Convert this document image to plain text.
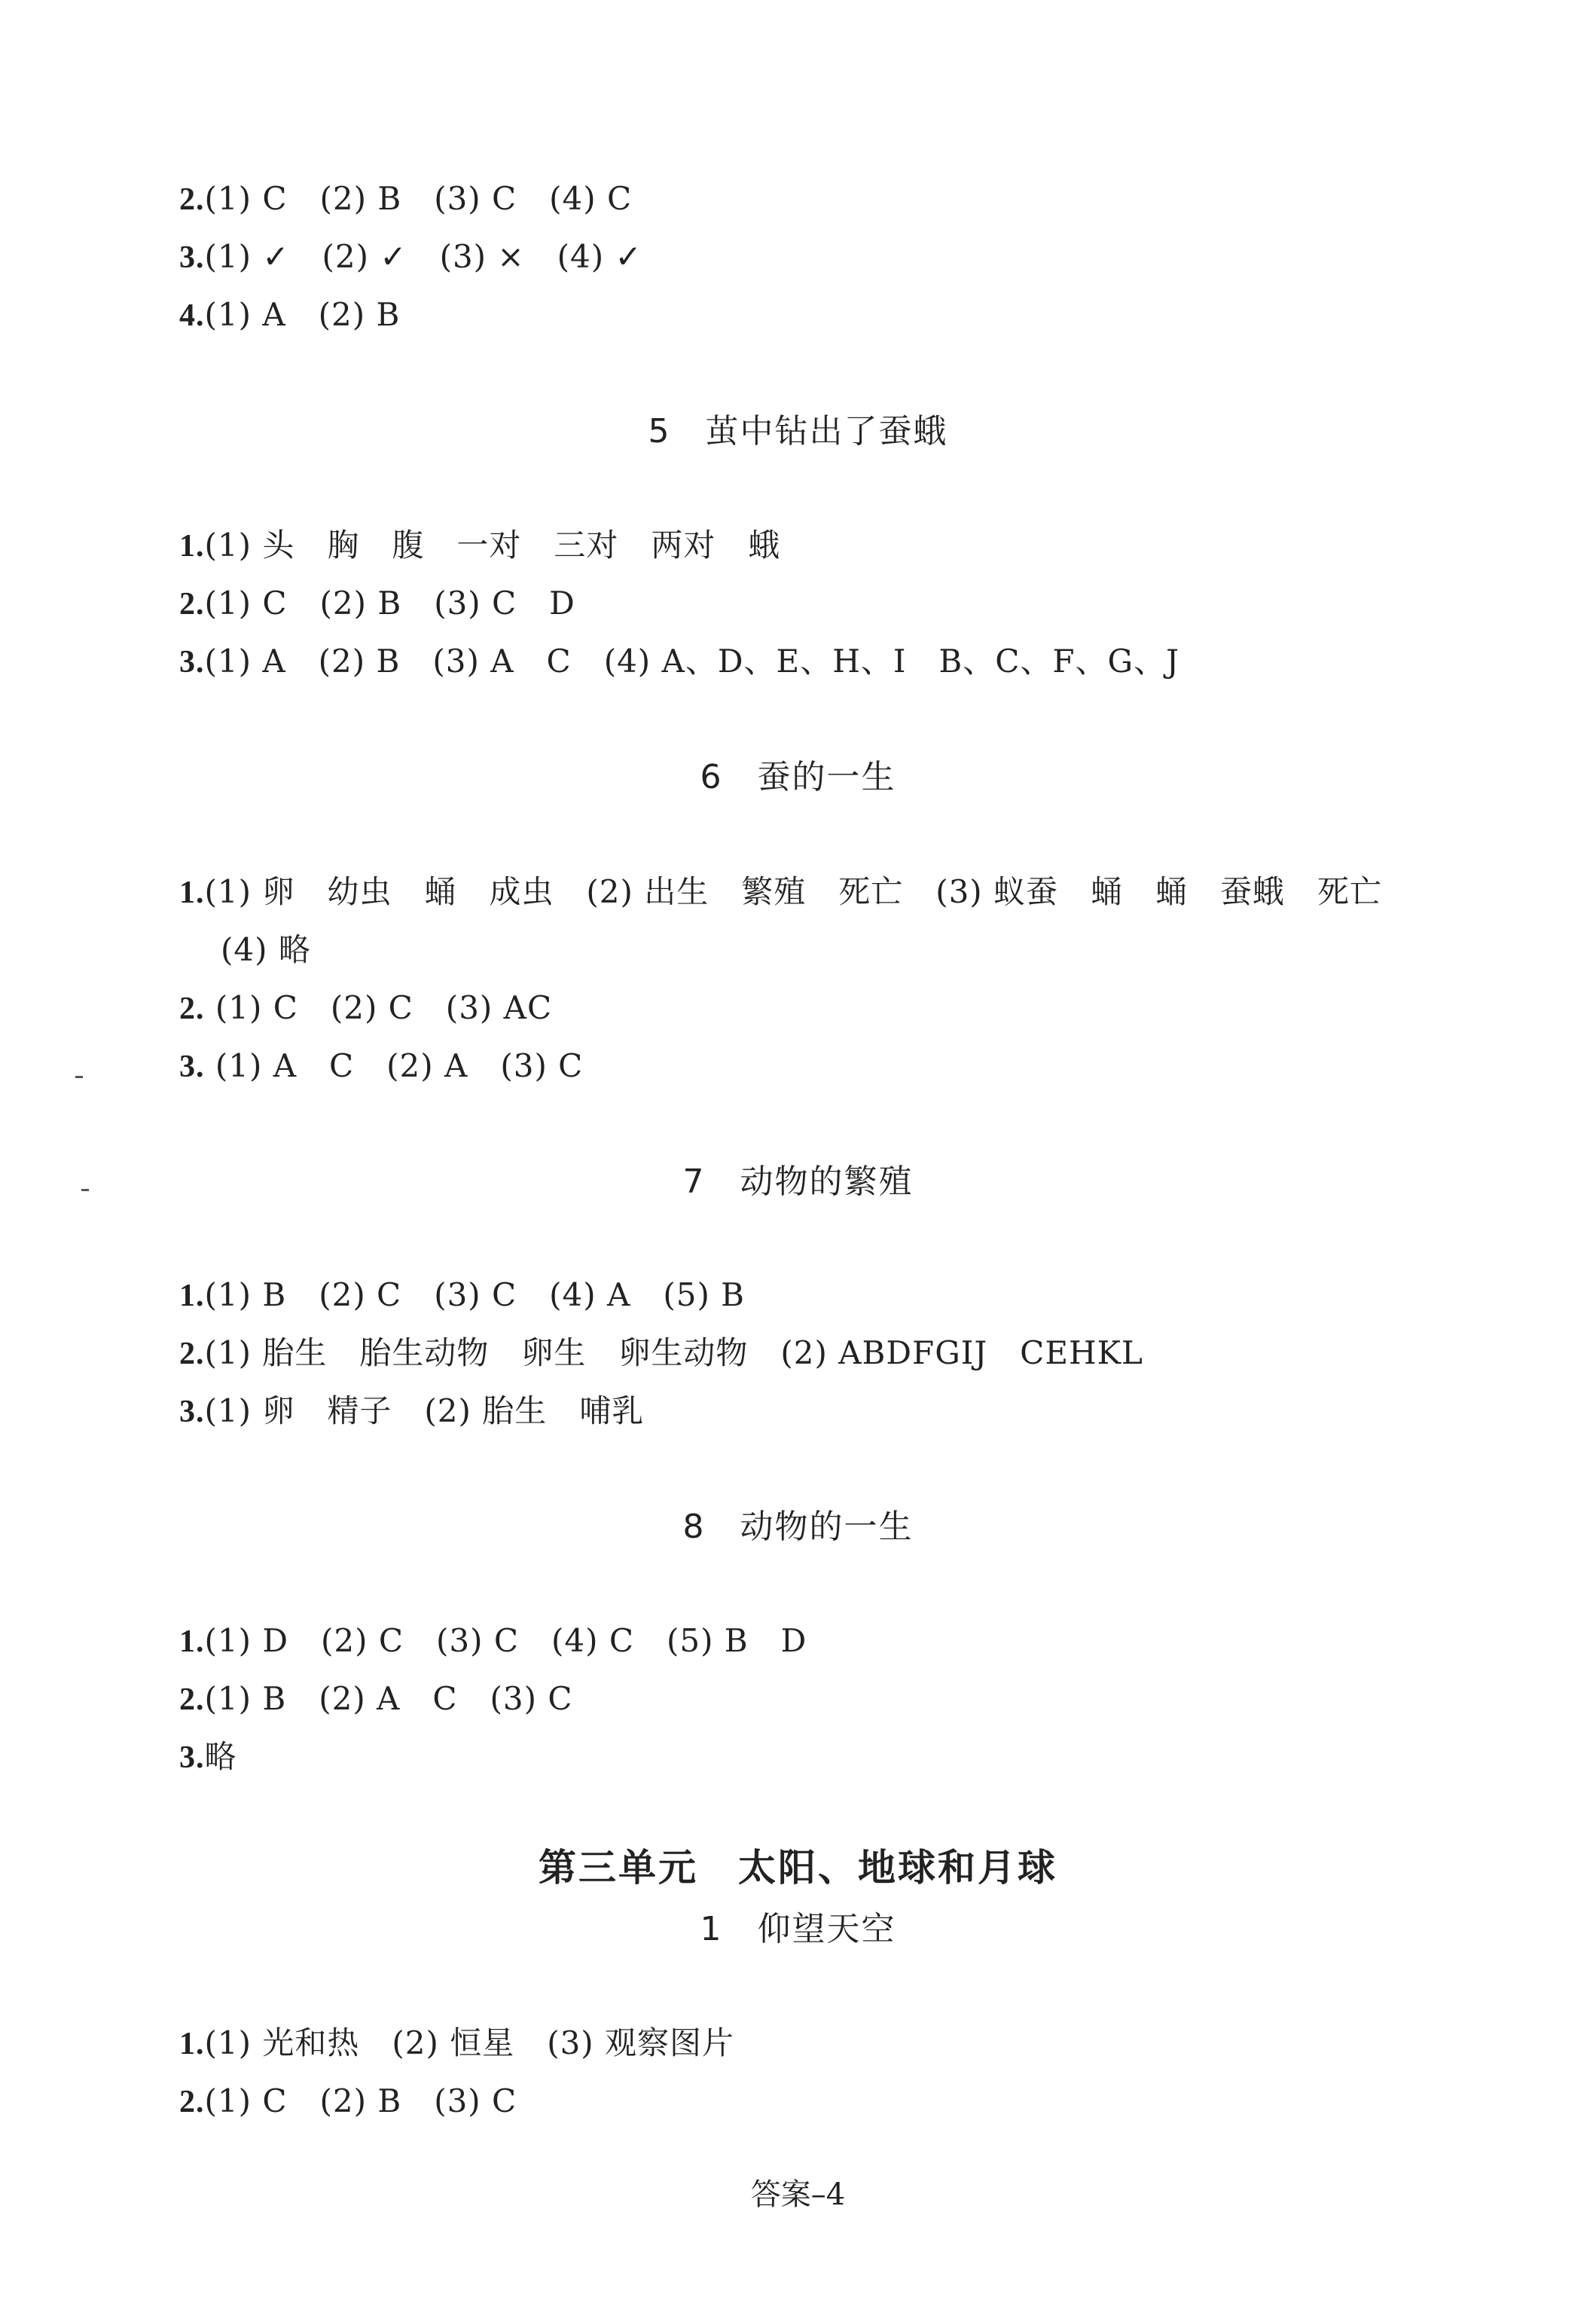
2.(1) C　(2) B　(3) C　(4) C
3.(1) ✓　(2) ✓　(3) ×　(4) ✓
4.(1) A　(2) B
5　茧中钻出了蚕蛾
1.(1) 头　胸　腹　一对　三对　两对　蛾
2.(1) C　(2) B　(3) C　D
3.(1) A　(2) B　(3) A　C　(4) A、D、E、H、I　B、C、F、G、J
6　蚕的一生
1.(1) 卵　幼虫　蛹　成虫　(2) 出生　繁殖　死亡　(3) 蚁蚕　蛹　蛹　蚕蛾　死亡
(4) 略
2. (1) C　(2) C　(3) AC
3. (1) A　C　(2) A　(3) C
7　动物的繁殖
1.(1) B　(2) C　(3) C　(4) A　(5) B
2.(1) 胎生　胎生动物　卵生　卵生动物　(2) ABDFGIJ　CEHKL
3.(1) 卵　精子　(2) 胎生　哺乳
8　动物的一生
1.(1) D　(2) C　(3) C　(4) C　(5) B　D
2.(1) B　(2) A　C　(3) C
3.略
第三单元　太阳、地球和月球
1　仰望天空
1.(1) 光和热　(2) 恒星　(3) 观察图片
2.(1) C　(2) B　(3) C
答案–4
